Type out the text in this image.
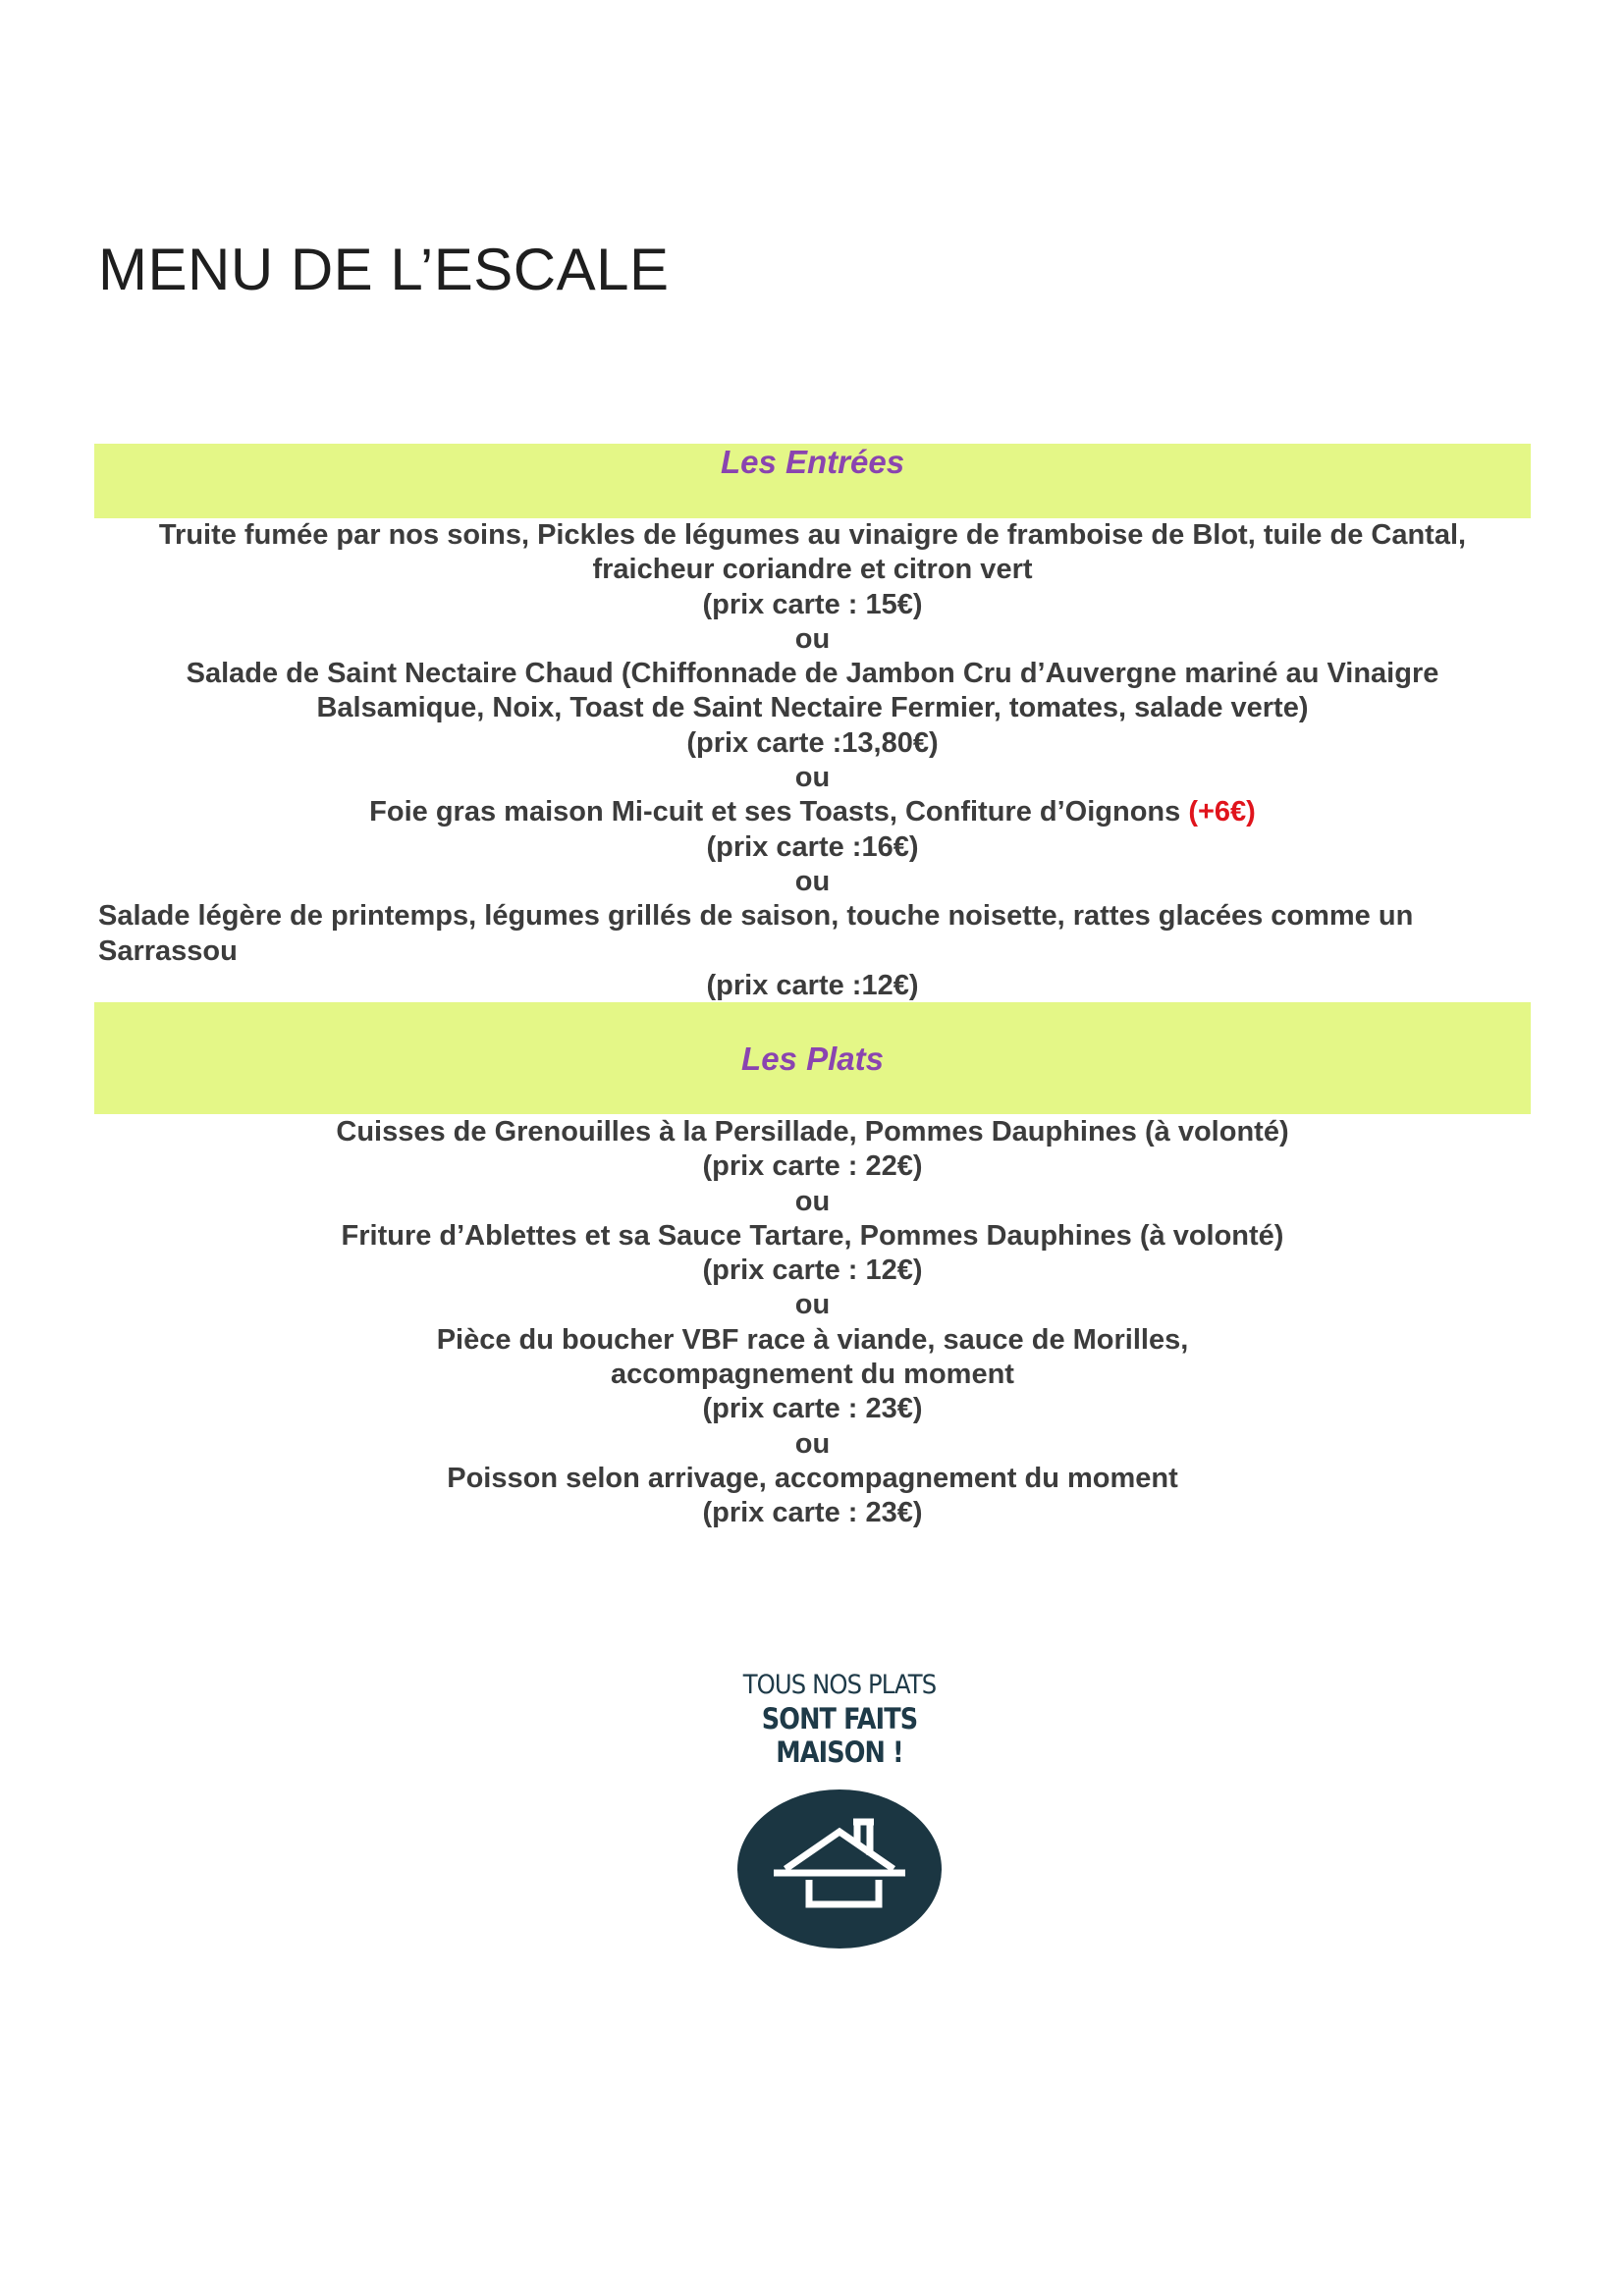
MENU DE L’ESCALE
Les Entrées
Truite fumée par nos soins, Pickles de légumes au vinaigre de framboise de Blot, tuile de Cantal,
fraicheur coriandre et citron vert
(prix carte : 15€)
ou
Salade de Saint Nectaire Chaud (Chiffonnade de Jambon Cru d’Auvergne mariné au Vinaigre
Balsamique, Noix, Toast de Saint Nectaire Fermier, tomates, salade verte)
(prix carte :13,80€)
ou
Foie gras maison Mi-cuit et ses Toasts, Confiture d’Oignons (+6€)
(prix carte :16€)
ou
Salade légère de printemps, légumes grillés de saison, touche noisette, rattes glacées comme un
Sarrassou
(prix carte :12€)
Les Plats
Cuisses de Grenouilles à la Persillade, Pommes Dauphines (à volonté)
(prix carte : 22€)
ou
Friture d’Ablettes et sa Sauce Tartare, Pommes Dauphines (à volonté)
(prix carte : 12€)
ou
Pièce du boucher VBF race à viande, sauce de Morilles,
accompagnement du moment
(prix carte : 23€)
ou
Poisson selon arrivage, accompagnement du moment
(prix carte : 23€)
TOUS NOS PLATS
SONT FAITS MAISON !
